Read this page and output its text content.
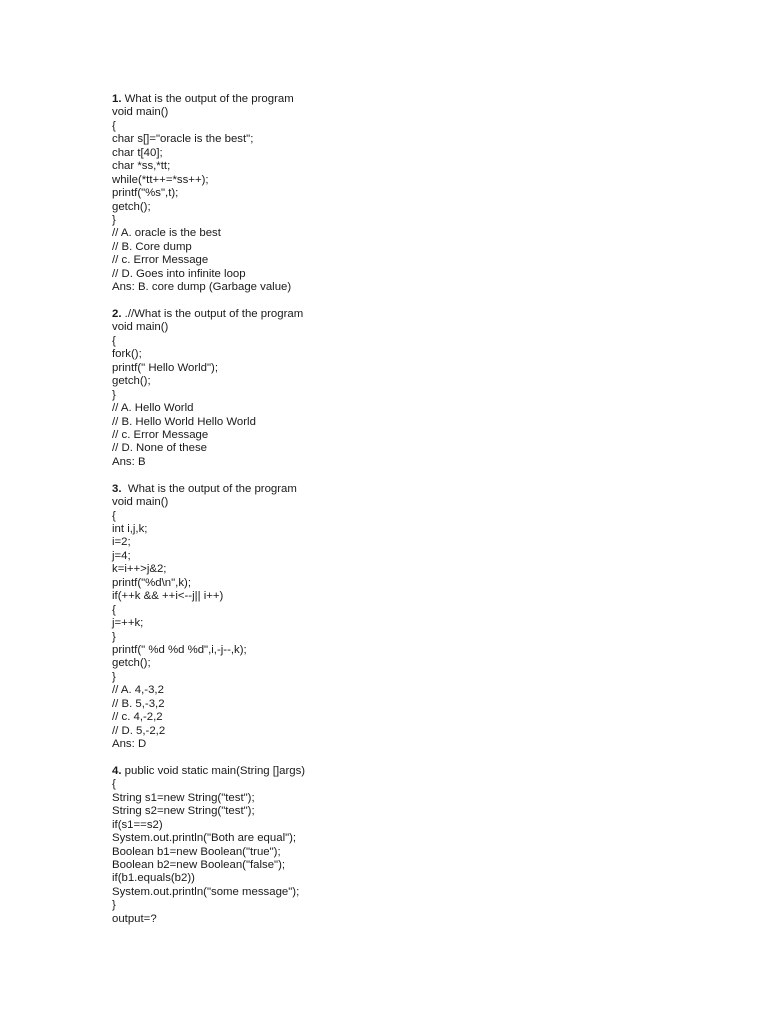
1. What is the output of the program
void main()
{
char s[]="oracle is the best";
char t[40];
char *ss,*tt;
while(*tt++=*ss++);
printf("%s",t);
getch();
}
// A. oracle is the best
// B. Core dump
// c. Error Message
// D. Goes into infinite loop
Ans: B. core dump (Garbage value)
2. .//What is the output of the program
void main()
{
fork();
printf(" Hello World");
getch();
}
// A. Hello World
// B. Hello World Hello World
// c. Error Message
// D. None of these
Ans: B
3.  What is the output of the program
void main()
{
int i,j,k;
i=2;
j=4;
k=i++>j&2;
printf("%d\n",k);
if(++k && ++i<--j|| i++)
{
j=++k;
}
printf(" %d %d %d",i,-j--,k);
getch();
}
// A. 4,-3,2
// B. 5,-3,2
// c. 4,-2,2
// D. 5,-2,2
Ans: D
4. public void static main(String []args)
{
String s1=new String("test");
String s2=new String("test");
if(s1==s2)
System.out.println("Both are equal");
Boolean b1=new Boolean("true");
Boolean b2=new Boolean("false");
if(b1.equals(b2))
System.out.println("some message");
}
output=?
